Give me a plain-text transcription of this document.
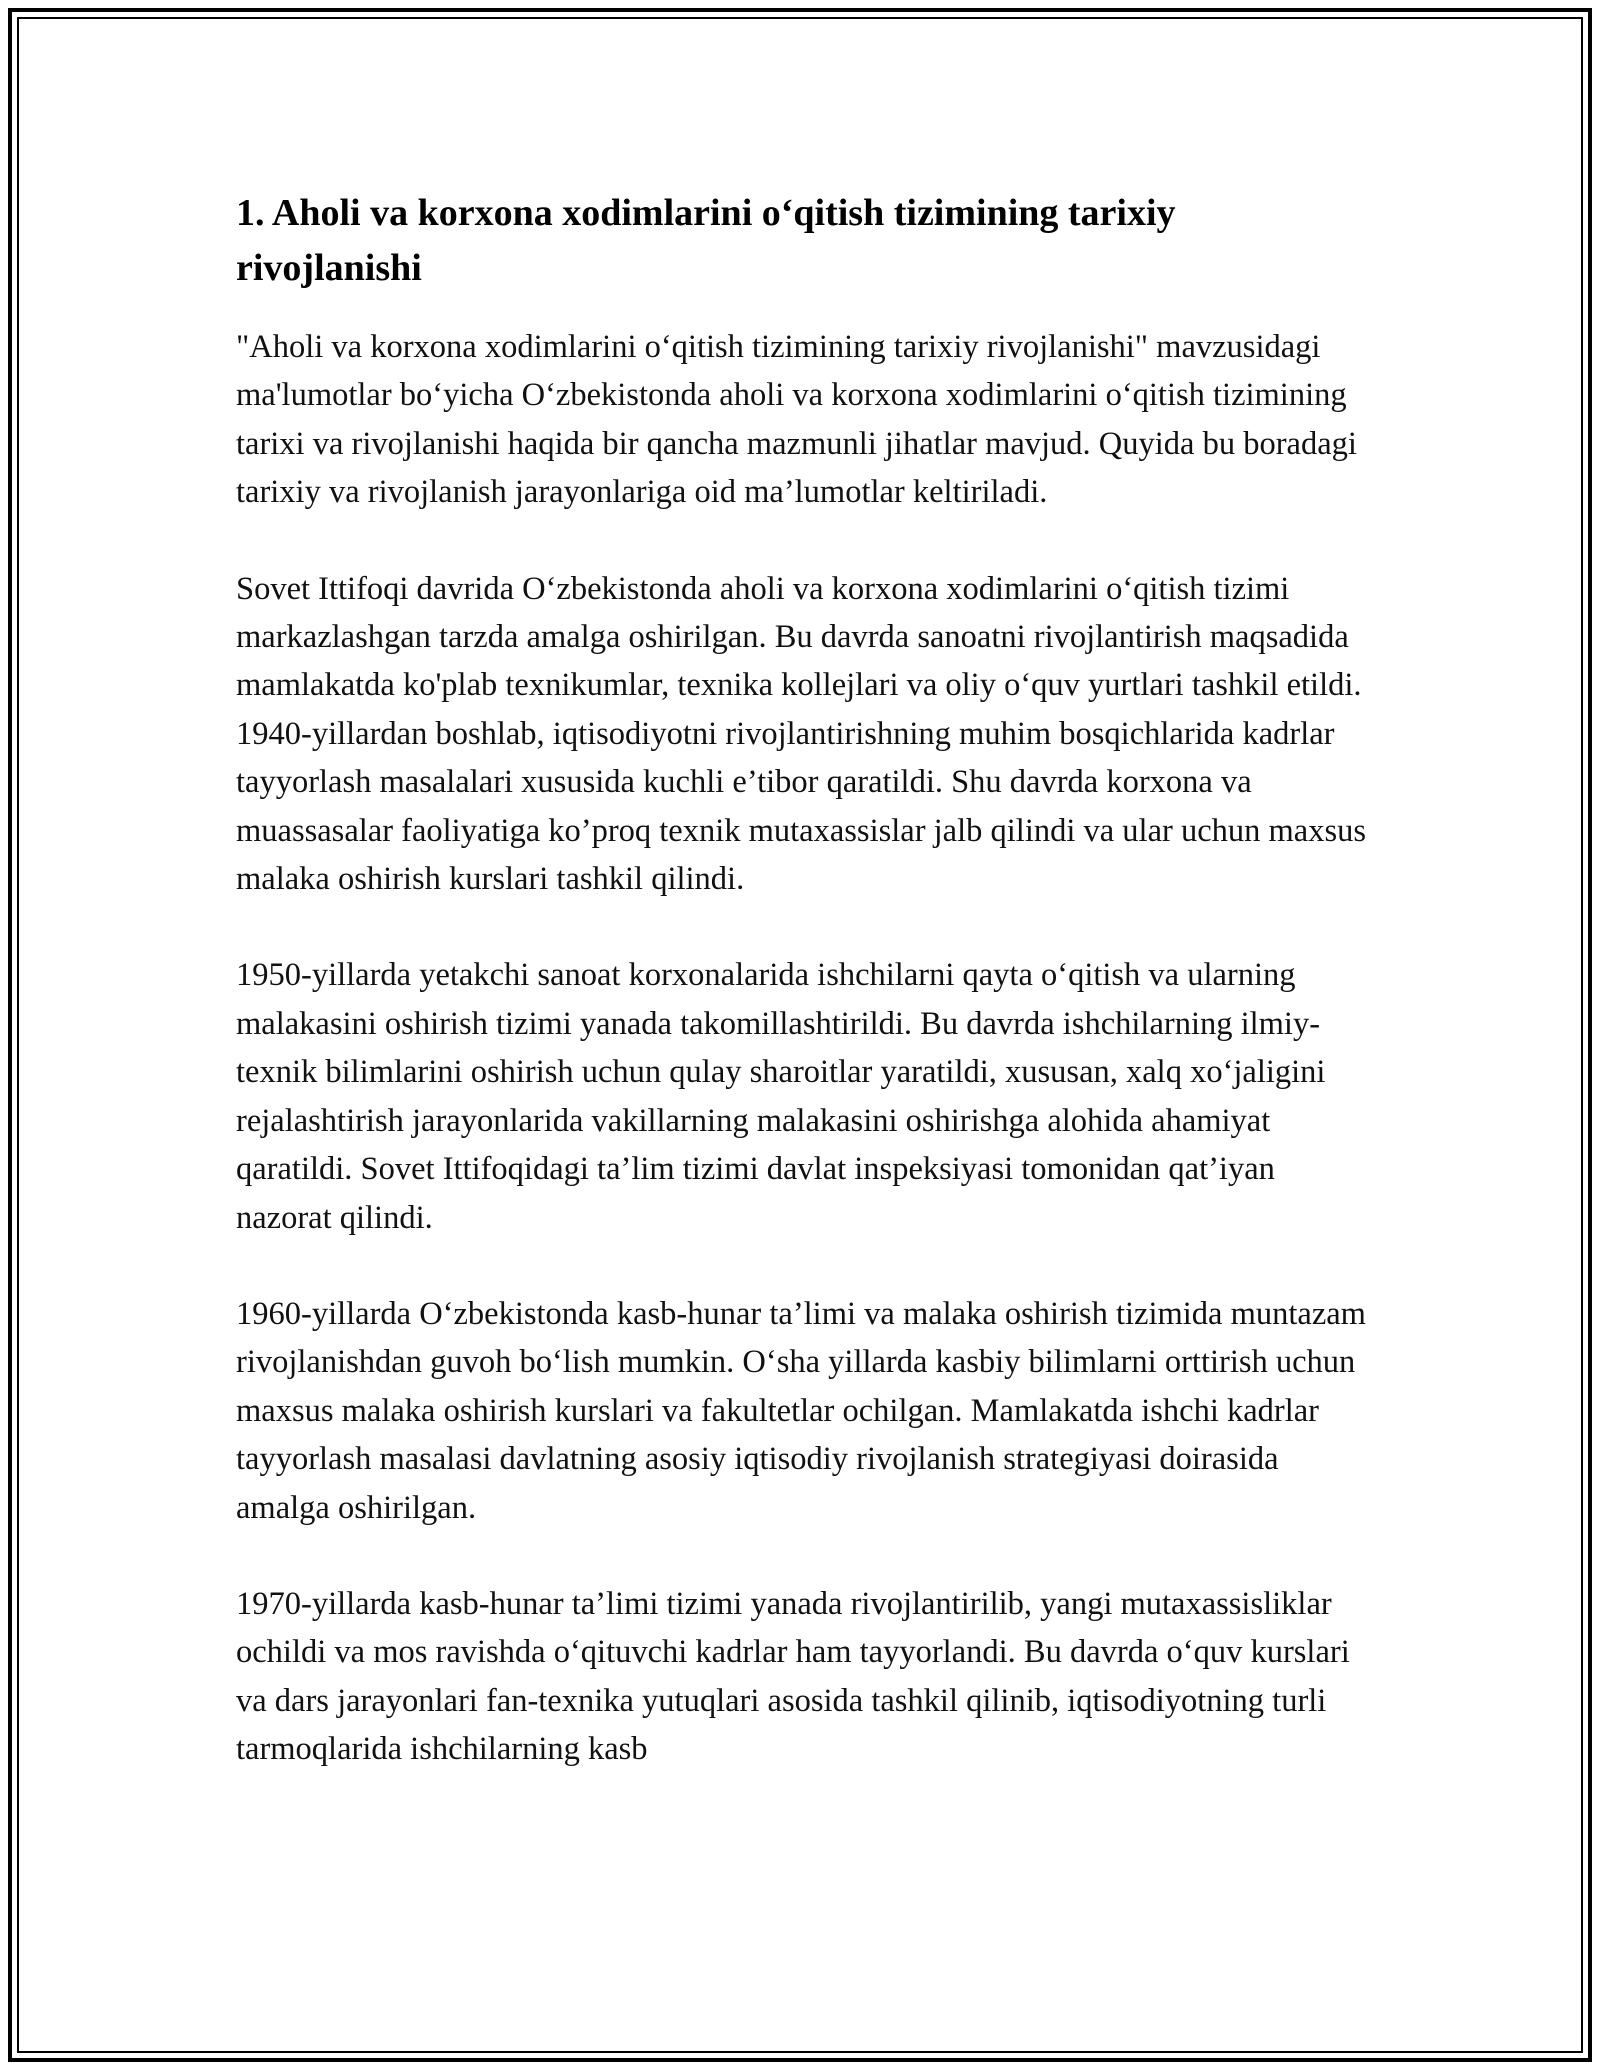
1. Aholi va korxona xodimlarini o‘qitish tizimining tarixiy rivojlanishi

"Aholi va korxona xodimlarini o‘qitish tizimining tarixiy rivojlanishi" mavzusidagi ma'lumotlar bo‘yicha O‘zbekistonda aholi va korxona xodimlarini o‘qitish tizimining tarixi va rivojlanishi haqida bir qancha mazmunli jihatlar mavjud. Quyida bu boradagi tarixiy va rivojlanish jarayonlariga oid ma’lumotlar keltiriladi.

Sovet Ittifoqi davrida O‘zbekistonda aholi va korxona xodimlarini o‘qitish tizimi markazlashgan tarzda amalga oshirilgan. Bu davrda sanoatni rivojlantirish maqsadida mamlakatda ko'plab texnikumlar, texnika kollejlari va oliy o‘quv yurtlari tashkil etildi. 1940-yillardan boshlab, iqtisodiyotni rivojlantirishning muhim bosqichlarida kadrlar tayyorlash masalalari xususida kuchli e’tibor qaratildi. Shu davrda korxona va muassasalar faoliyatiga ko’proq texnik mutaxassislar jalb qilindi va ular uchun maxsus malaka oshirish kurslari tashkil qilindi.

1950-yillarda yetakchi sanoat korxonalarida ishchilarni qayta o‘qitish va ularning malakasini oshirish tizimi yanada takomillashtirildi. Bu davrda ishchilarning ilmiy-texnik bilimlarini oshirish uchun qulay sharoitlar yaratildi, xususan, xalq xo‘jaligini rejalashtirish jarayonlarida vakillarning malakasini oshirishga alohida ahamiyat qaratildi. Sovet Ittifoqidagi ta’lim tizimi davlat inspeksiyasi tomonidan qat’iyan nazorat qilindi.

1960-yillarda O‘zbekistonda kasb-hunar ta’limi va malaka oshirish tizimida muntazam rivojlanishdan guvoh bo‘lish mumkin. O‘sha yillarda kasbiy bilimlarni orttirish uchun maxsus malaka oshirish kurslari va fakultetlar ochilgan. Mamlakatda ishchi kadrlar tayyorlash masalasi davlatning asosiy iqtisodiy rivojlanish strategiyasi doirasida amalga oshirilgan.

1970-yillarda kasb-hunar ta’limi tizimi yanada rivojlantirilib, yangi mutaxassisliklar ochildi va mos ravishda o‘qituvchi kadrlar ham tayyorlandi. Bu davrda o‘quv kurslari va dars jarayonlari fan-texnika yutuqlari asosida tashkil qilinib, iqtisodiyotning turli tarmoqlarida ishchilarning kasb
